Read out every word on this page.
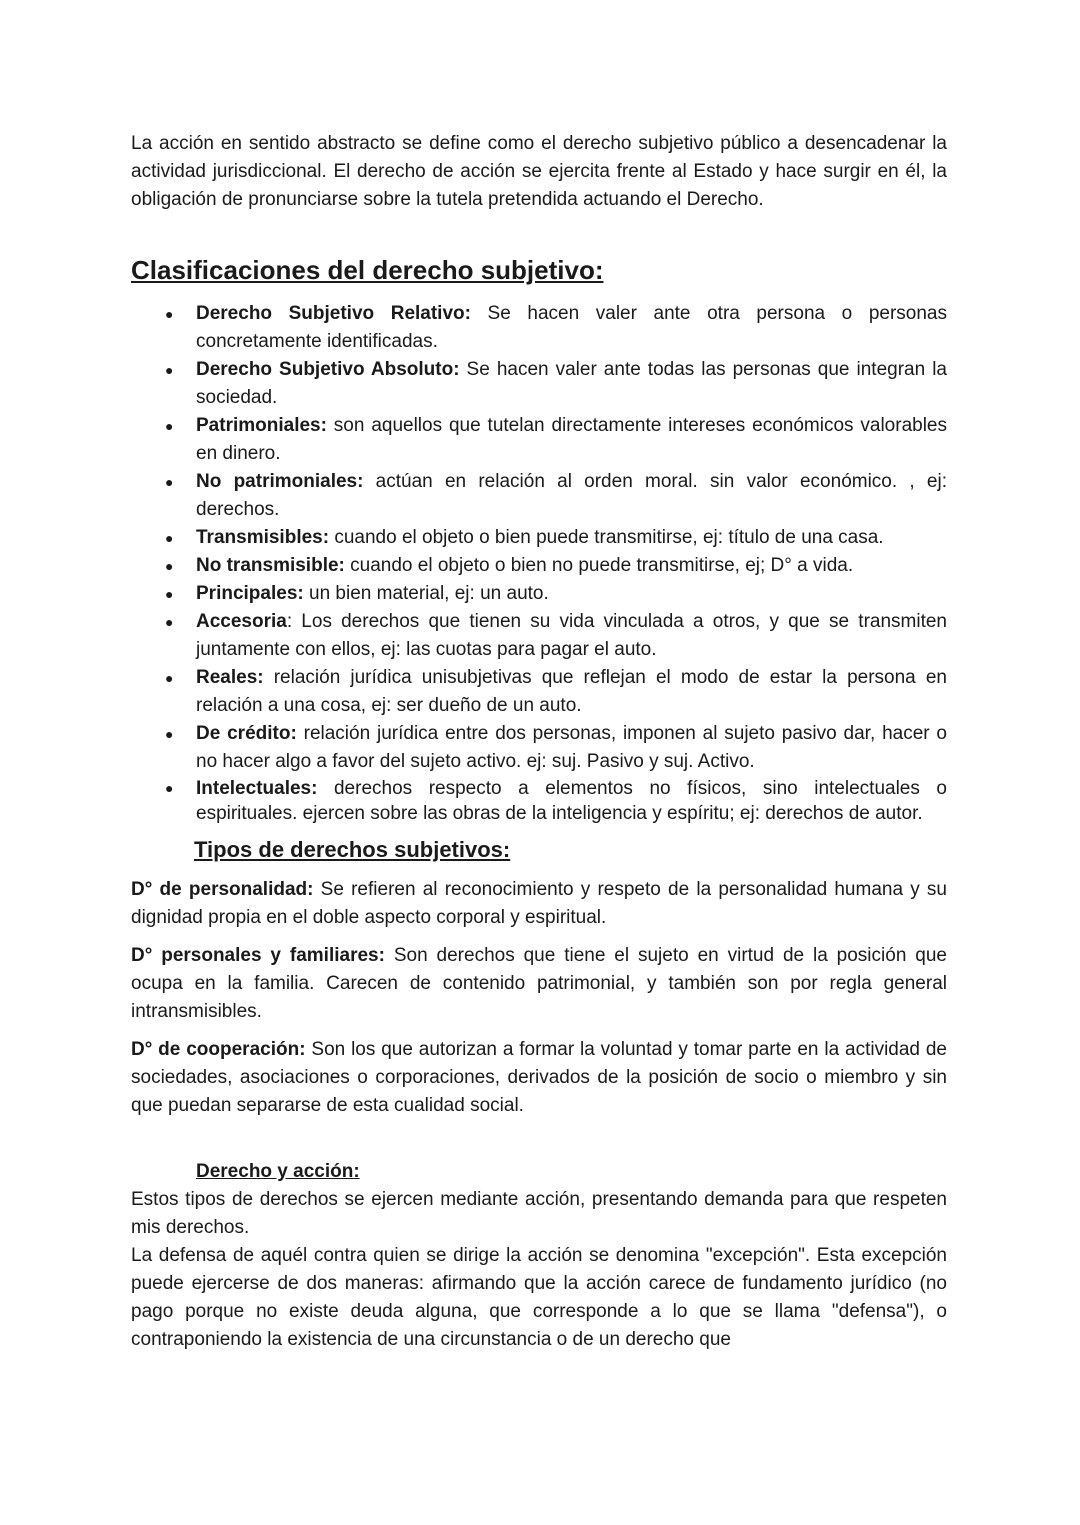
La acción en sentido abstracto se define como el derecho subjetivo público a desencadenar la actividad jurisdiccional. El derecho de acción se ejercita frente al Estado y hace surgir en él, la obligación de pronunciarse sobre la tutela pretendida actuando el Derecho.

Clasificaciones del derecho subjetivo:
● Derecho Subjetivo Relativo: Se hacen valer ante otra persona o personas concretamente identificadas.
● Derecho Subjetivo Absoluto: Se hacen valer ante todas las personas que integran la sociedad.
● Patrimoniales: son aquellos que tutelan directamente intereses económicos valorables en dinero.
● No patrimoniales: actúan en relación al orden moral. sin valor económico. , ej: derechos.
● Transmisibles: cuando el objeto o bien puede transmitirse, ej: título de una casa.
● No transmisible: cuando el objeto o bien no puede transmitirse, ej; D° a vida.
● Principales: un bien material, ej: un auto.
● Accesoria: Los derechos que tienen su vida vinculada a otros, y que se transmiten juntamente con ellos, ej: las cuotas para pagar el auto.
● Reales: relación jurídica unisubjetivas que reflejan el modo de estar la persona en relación a una cosa, ej: ser dueño de un auto.
● De crédito: relación jurídica entre dos personas, imponen al sujeto pasivo dar, hacer o no hacer algo a favor del sujeto activo. ej: suj. Pasivo y suj. Activo.
● Intelectuales: derechos respecto a elementos no físicos, sino intelectuales o espirituales. ejercen sobre las obras de la inteligencia y espíritu; ej: derechos de autor.
Tipos de derechos subjetivos:

D° de personalidad: Se refieren al reconocimiento y respeto de la personalidad humana y su dignidad propia en el doble aspecto corporal y espiritual.

D° personales y familiares: Son derechos que tiene el sujeto en virtud de la posición que ocupa en la familia. Carecen de contenido patrimonial, y también son por regla general intransmisibles.

D° de cooperación: Son los que autorizan a formar la voluntad y tomar parte en la actividad de sociedades, asociaciones o corporaciones, derivados de la posición de socio o miembro y sin que puedan separarse de esta cualidad social.

Derecho y acción:

Estos tipos de derechos se ejercen mediante acción, presentando demanda para que respeten mis derechos.

La defensa de aquél contra quien se dirige la acción se denomina "excepción". Esta excepción puede ejercerse de dos maneras: afirmando que la acción carece de fundamento jurídico (no pago porque no existe deuda alguna, que corresponde a lo que se llama "defensa"), o contraponiendo la existencia de una circunstancia o de un derecho que
